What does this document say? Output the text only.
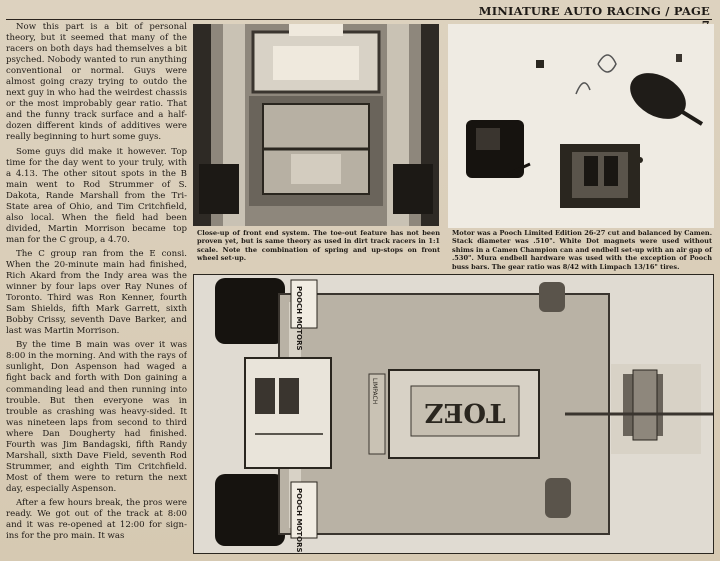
MINIATURE AUTO RACING / PAGE

Now this part is a bit of personal theory, but it seemed that many of the racers on both days had themselves a bit psyched. Nobody wanted to run anything conventional or normal. Guys were almost going crazy trying to outdo the next guy in who had the weirdest chassis or the most improbably gear ratio. That and the funny track surface and a half-dozen different kinds of additives were really beginning to hurt some guys.

Some guys did make it however. Top time for the day went to your truly, with a 4.13. The other sitout spots in the B main went to Rod Strummer of S. Dakota, Rande Marshall from the Tri-State area of Ohio, and Tim Critchfield, also local. When the field had been divided, Martin Morrison became top man for the C group, a 4.70.

The C group ran from the E consi. When the 20-minute main had finished, Rich Akard from the Indy area was the winner by four laps over Ray Nunes of Toronto. Third was Ron Kenner, fourth Sam Shields, fifth Mark Garrett, sixth Bobby Crissy, seventh Dave Barker, and last was Martin Morrison.

By the time B main was over it was 8:00 in the morning. And with the rays of sunlight, Don Aspenson had waged a fight back and forth with Don gaining a commanding lead and then running into trouble. But then everyone was in trouble as crashing was heavy-sided. It was nineteen laps from second to third where Dan Dougherty had finished. Fourth was Jim Bandagski, fifth Randy Marshall, sixth Dave Field, seventh Rod Strummer, and eighth Tim Critchfield. Most of them were to return the next day, especially Aspenson.

After a few hours break, the pros were ready. We got out of the track at 8:00 and it was re-opened at 12:00 for sign-ins for the pro main. It was

Close-up of front end system. The toe-out feature has not been proven yet, but is same theory as used in dirt track racers in 1:1 scale. Note the combination of spring and up-stops on front wheel set-up.
Motor was a Pooch Limited Edition 26-27 cut and balanced by Camen. Stack diameter was .510". White Dot magnets were used without shims in a Camen Champion can and endbell set-up with an air gap of .530". Mura endbell hardware was used with the exception of Pooch buss bars. The gear ratio was 8/42 with Limpach 13/16" tires.
POOCH MOTORS
POOCH MOTORS
TOEZ
LIMPACH
